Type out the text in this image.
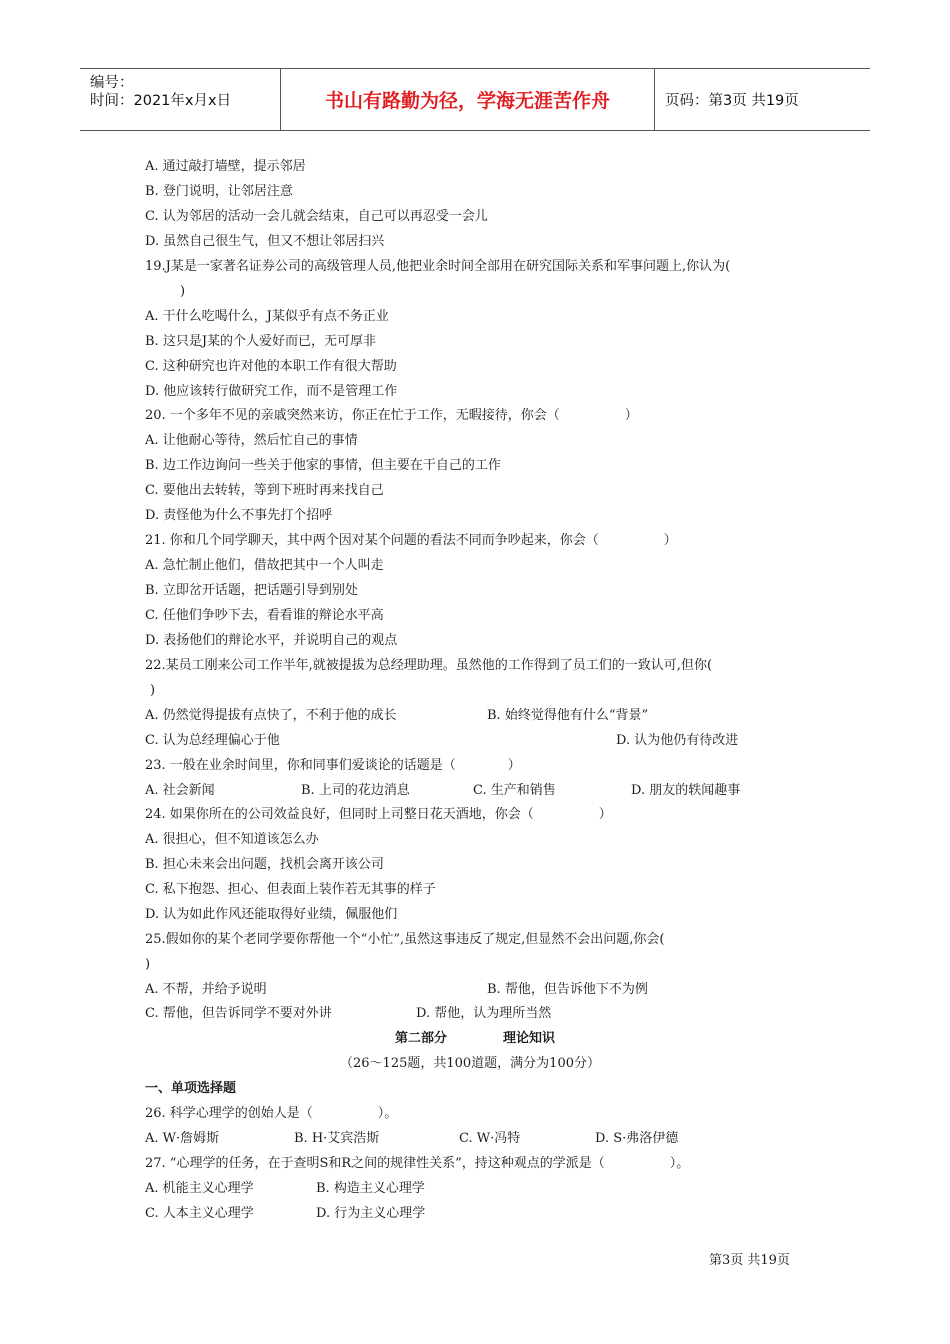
编号：
时间：2021年x月x日	书山有路勤为径，学海无涯苦作舟	页码：第3页 共19页
A. 通过敲打墙壁，提示邻居
B. 登门说明，让邻居注意
C. 认为邻居的活动一会儿就会结束，自己可以再忍受一会儿
D. 虽然自己很生气，但又不想让邻居扫兴
19.J某是一家著名证券公司的高级管理人员,他把业余时间全部用在研究国际关系和军事问题上,你认为(
)
A. 干什么吃喝什么，J某似乎有点不务正业
B. 这只是J某的个人爱好而已，无可厚非
C. 这种研究也许对他的本职工作有很大帮助
D. 他应该转行做研究工作，而不是管理工作
20. 一个多年不见的亲戚突然来访，你正在忙于工作，无暇接待，你会（　　　　　）
A. 让他耐心等待，然后忙自己的事情
B. 边工作边询问一些关于他家的事情，但主要在干自己的工作
C. 要他出去转转，等到下班时再来找自己
D. 责怪他为什么不事先打个招呼
21. 你和几个同学聊天，其中两个因对某个问题的看法不同而争吵起来，你会（　　　　　）
A. 急忙制止他们，借故把其中一个人叫走
B. 立即岔开话题，把话题引导到别处
C. 任他们争吵下去，看看谁的辩论水平高
D. 表扬他们的辩论水平，并说明自己的观点
22.某员工刚来公司工作半年,就被提拔为总经理助理。虽然他的工作得到了员工们的一致认可,但你(
)
A. 仍然觉得提拔有点快了，不利于他的成长	B. 始终觉得他有什么“背景”
C. 认为总经理偏心于他	D. 认为他仍有待改进
23. 一般在业余时间里，你和同事们爱谈论的话题是（　　　　）
A. 社会新闻	B. 上司的花边消息	C. 生产和销售	D. 朋友的轶闻趣事
24. 如果你所在的公司效益良好，但同时上司整日花天酒地，你会（　　　　　）
A. 很担心，但不知道该怎么办
B. 担心未来会出问题，找机会离开该公司
C. 私下抱怨、担心、但表面上装作若无其事的样子
D. 认为如此作风还能取得好业绩，佩服他们
25.假如你的某个老同学要你帮他一个“小忙”,虽然这事违反了规定,但显然不会出问题,你会(
)
A. 不帮，并给予说明	B. 帮他，但告诉他下不为例
C. 帮他，但告诉同学不要对外讲	D. 帮他，认为理所当然
第二部分	理论知识
（26～125题，共100道题，满分为100分）
一、单项选择题
26. 科学心理学的创始人是（　　　　　）。
A. W·詹姆斯	B. H·艾宾浩斯	C. W·冯特	D. S·弗洛伊德
27. “心理学的任务，在于查明S和R之间的规律性关系”，持这种观点的学派是（　　　　　）。
A. 机能主义心理学	B. 构造主义心理学
C. 人本主义心理学	D. 行为主义心理学
第3页 共19页
